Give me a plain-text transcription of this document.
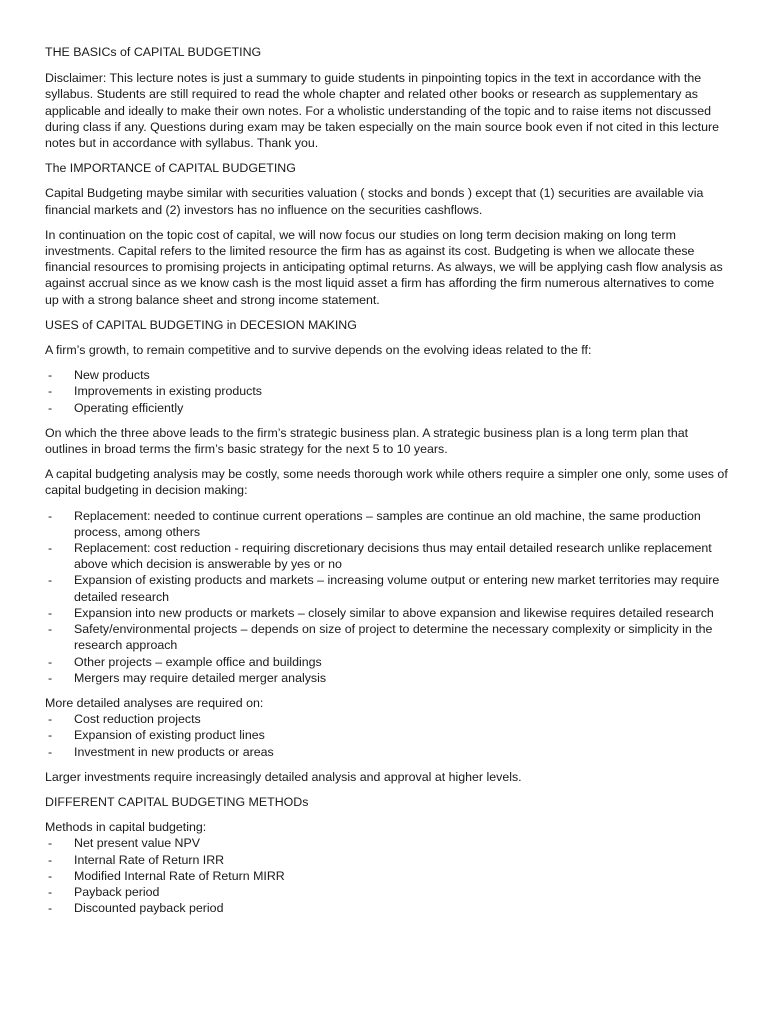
THE BASICs of CAPITAL BUDGETING

Disclaimer: This lecture notes is just a summary to guide students in pinpointing topics in the text in accordance with the syllabus. Students are still required to read the whole chapter and related other books or research as supplementary as applicable and ideally to make their own notes. For a wholistic understanding of the topic and to raise items not discussed during class if any. Questions during exam may be taken especially on the main source book even if not cited in this lecture notes but in accordance with syllabus. Thank you.

The IMPORTANCE of CAPITAL BUDGETING

Capital Budgeting maybe similar with securities valuation ( stocks and bonds ) except that (1) securities are available via financial markets and (2) investors has no influence on the securities cashflows.

In continuation on the topic cost of capital, we will now focus our studies on long term decision making on long term investments. Capital refers to the limited resource the firm has as against its cost. Budgeting is when we allocate these financial resources to promising projects in anticipating optimal returns. As always, we will be applying cash flow analysis as against accrual since as we know cash is the most liquid asset a firm has affording the firm numerous alternatives to come up with a strong balance sheet and strong income statement.

USES of CAPITAL BUDGETING in DECESION MAKING

A firm’s growth, to remain competitive and to survive depends on the evolving ideas related to the ff:

- New products
- Improvements in existing products
- Operating efficiently

On which the three above leads to the firm’s strategic business plan. A strategic business plan is a long term plan that outlines in broad terms the firm’s basic strategy for the next 5 to 10 years.

A capital budgeting analysis may be costly, some needs thorough work while others require a simpler one only, some uses of capital budgeting in decision making:

- Replacement: needed to continue current operations – samples are continue an old machine, the same production process, among others
- Replacement: cost reduction - requiring discretionary decisions thus may entail detailed research unlike replacement above which decision is answerable by yes or no
- Expansion of existing products and markets – increasing volume output or entering new market territories may require detailed research
- Expansion into new products or markets – closely similar to above expansion and likewise requires detailed research
- Safety/environmental projects – depends on size of project to determine the necessary complexity or simplicity in the research approach
- Other projects – example office and buildings
- Mergers may require detailed merger analysis

More detailed analyses are required on:

- Cost reduction projects
- Expansion of existing product lines
- Investment in new products or areas

Larger investments require increasingly detailed analysis and approval at higher levels.

DIFFERENT CAPITAL BUDGETING METHODs

Methods in capital budgeting:

- Net present value NPV
- Internal Rate of Return IRR
- Modified Internal Rate of Return MIRR
- Payback period
- Discounted payback period
